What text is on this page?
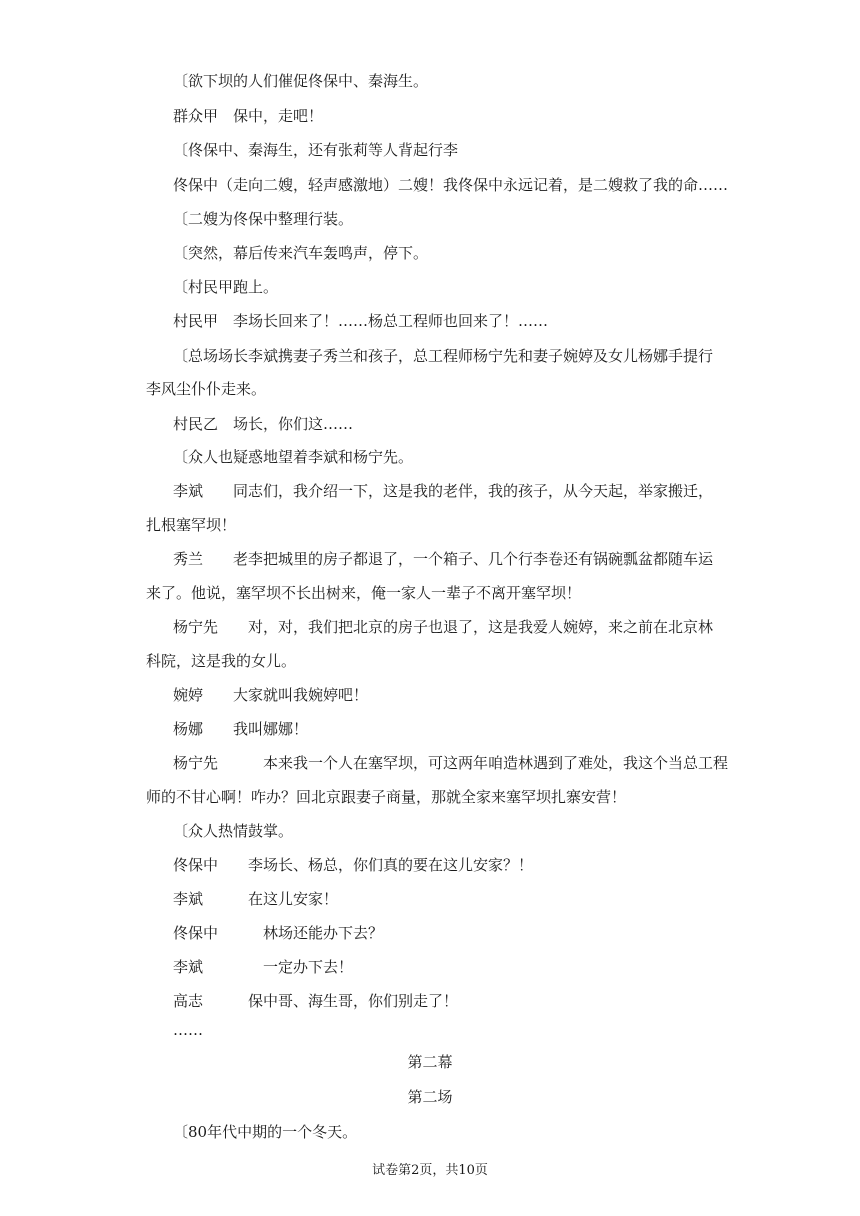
〔欲下坝的人们催促佟保中、秦海生。
群众甲　保中，走吧！
〔佟保中、秦海生，还有张莉等人背起行李
佟保中（走向二嫂，轻声感激地）二嫂！我佟保中永远记着，是二嫂救了我的命……
〔二嫂为佟保中整理行装。
〔突然，幕后传来汽车轰鸣声，停下。
〔村民甲跑上。
村民甲　李场长回来了！……杨总工程师也回来了！……
〔总场场长李斌携妻子秀兰和孩子，总工程师杨宁先和妻子婉婷及女儿杨娜手提行
李风尘仆仆走来。
村民乙　场长，你们这……
〔众人也疑惑地望着李斌和杨宁先。
李斌　　同志们，我介绍一下，这是我的老伴，我的孩子，从今天起，举家搬迁，
扎根塞罕坝！
秀兰　　老李把城里的房子都退了，一个箱子、几个行李卷还有锅碗瓢盆都随车运
来了。他说，塞罕坝不长出树来，俺一家人一辈子不离开塞罕坝！
杨宁先　　对，对，我们把北京的房子也退了，这是我爱人婉婷，来之前在北京林
科院，这是我的女儿。
婉婷　　大家就叫我婉婷吧！
杨娜　　我叫娜娜！
杨宁先　　　本来我一个人在塞罕坝，可这两年咱造林遇到了难处，我这个当总工程
师的不甘心啊！咋办？回北京跟妻子商量，那就全家来塞罕坝扎寨安营！
〔众人热情鼓掌。
佟保中　　李场长、杨总，你们真的要在这儿安家？！
李斌　　　在这儿安家！
佟保中　　　林场还能办下去？
李斌　　　　一定办下去！
高志　　　保中哥、海生哥，你们别走了！
……
第二幕
第二场
〔80年代中期的一个冬天。
试卷第2页，共10页
